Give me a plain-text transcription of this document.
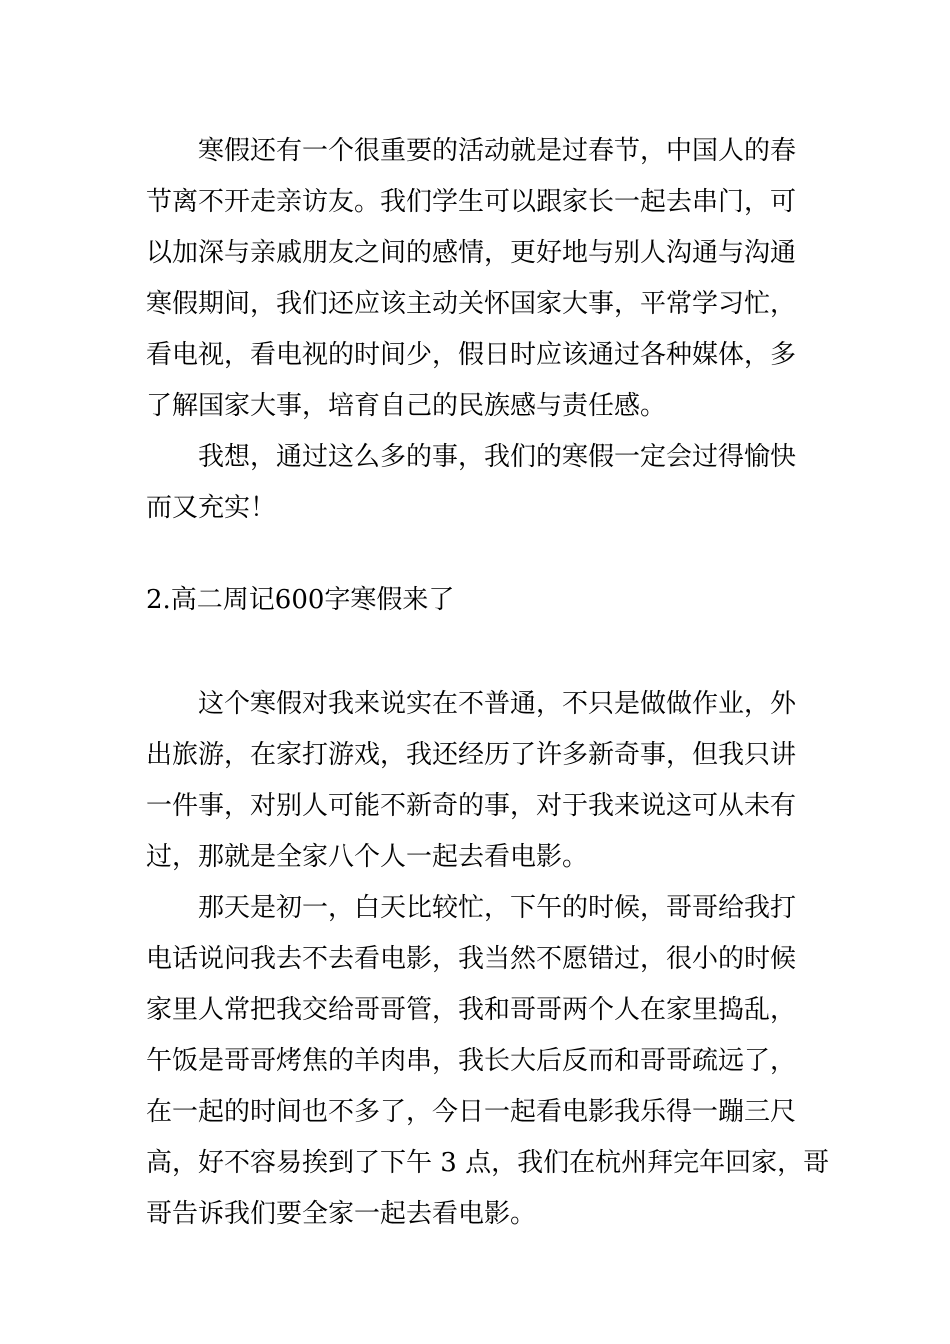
寒假还有一个很重要的活动就是过春节，中国人的春
节离不开走亲访友。我们学生可以跟家长一起去串门，可
以加深与亲戚朋友之间的感情，更好地与别人沟通与沟通
寒假期间，我们还应该主动关怀国家大事，平常学习忙，
看电视，看电视的时间少，假日时应该通过各种媒体，多
了解国家大事，培育自己的民族感与责任感。
我想，通过这么多的事，我们的寒假一定会过得愉快
而又充实！
2.高二周记600字寒假来了
这个寒假对我来说实在不普通，不只是做做作业，外
出旅游，在家打游戏，我还经历了许多新奇事，但我只讲
一件事，对别人可能不新奇的事，对于我来说这可从未有
过，那就是全家八个人一起去看电影。
那天是初一，白天比较忙，下午的时候，哥哥给我打
电话说问我去不去看电影，我当然不愿错过，很小的时候
家里人常把我交给哥哥管，我和哥哥两个人在家里捣乱，
午饭是哥哥烤焦的羊肉串，我长大后反而和哥哥疏远了，
在一起的时间也不多了，今日一起看电影我乐得一蹦三尺
高，好不容易挨到了下午 3 点，我们在杭州拜完年回家，哥
哥告诉我们要全家一起去看电影。
